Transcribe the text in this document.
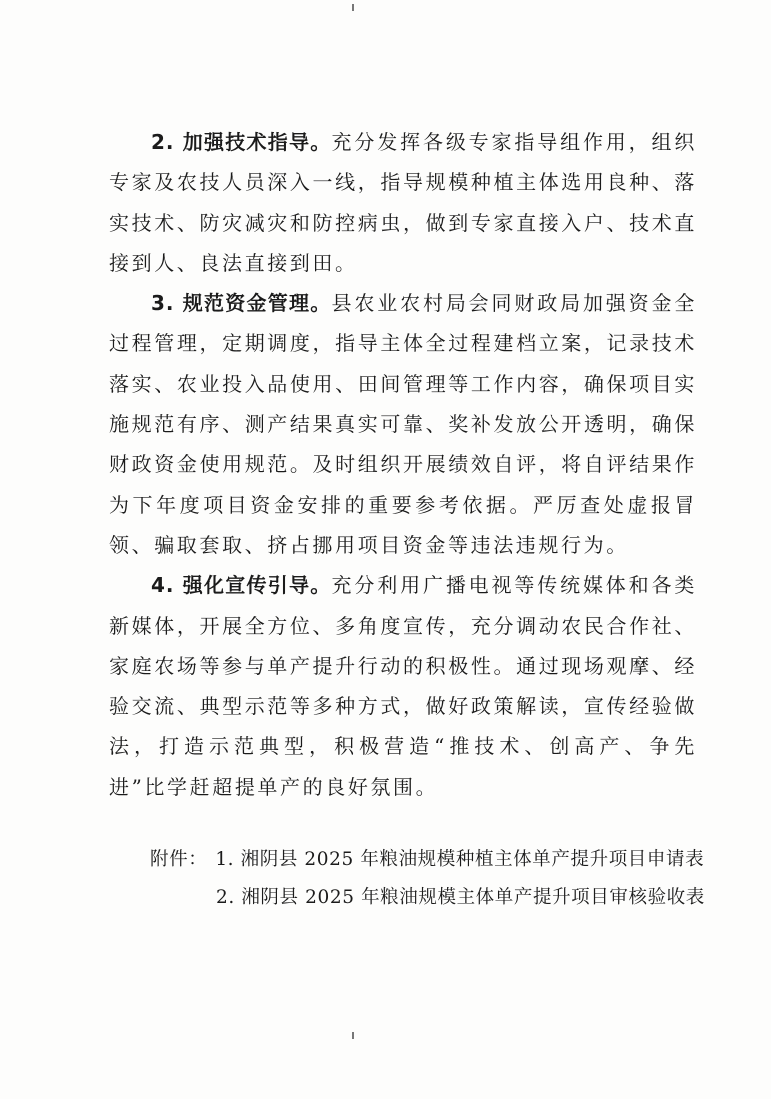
2. 加强技术指导。充分发挥各级专家指导组作用，组织专家及农技人员深入一线，指导规模种植主体选用良种、落实技术、防灾减灾和防控病虫，做到专家直接入户、技术直接到人、良法直接到田。

3. 规范资金管理。县农业农村局会同财政局加强资金全过程管理，定期调度，指导主体全过程建档立案，记录技术落实、农业投入品使用、田间管理等工作内容，确保项目实施规范有序、测产结果真实可靠、奖补发放公开透明，确保财政资金使用规范。及时组织开展绩效自评，将自评结果作为下年度项目资金安排的重要参考依据。严厉查处虚报冒领、骗取套取、挤占挪用项目资金等违法违规行为。

4. 强化宣传引导。充分利用广播电视等传统媒体和各类新媒体，开展全方位、多角度宣传，充分调动农民合作社、家庭农场等参与单产提升行动的积极性。通过现场观摩、经验交流、典型示范等多种方式，做好政策解读，宣传经验做法，打造示范典型，积极营造“推技术、创高产、争先进”比学赶超提单产的良好氛围。

附件： 1. 湘阴县 2025 年粮油规模种植主体单产提升项目申请表
2. 湘阴县 2025 年粮油规模主体单产提升项目审核验收表
